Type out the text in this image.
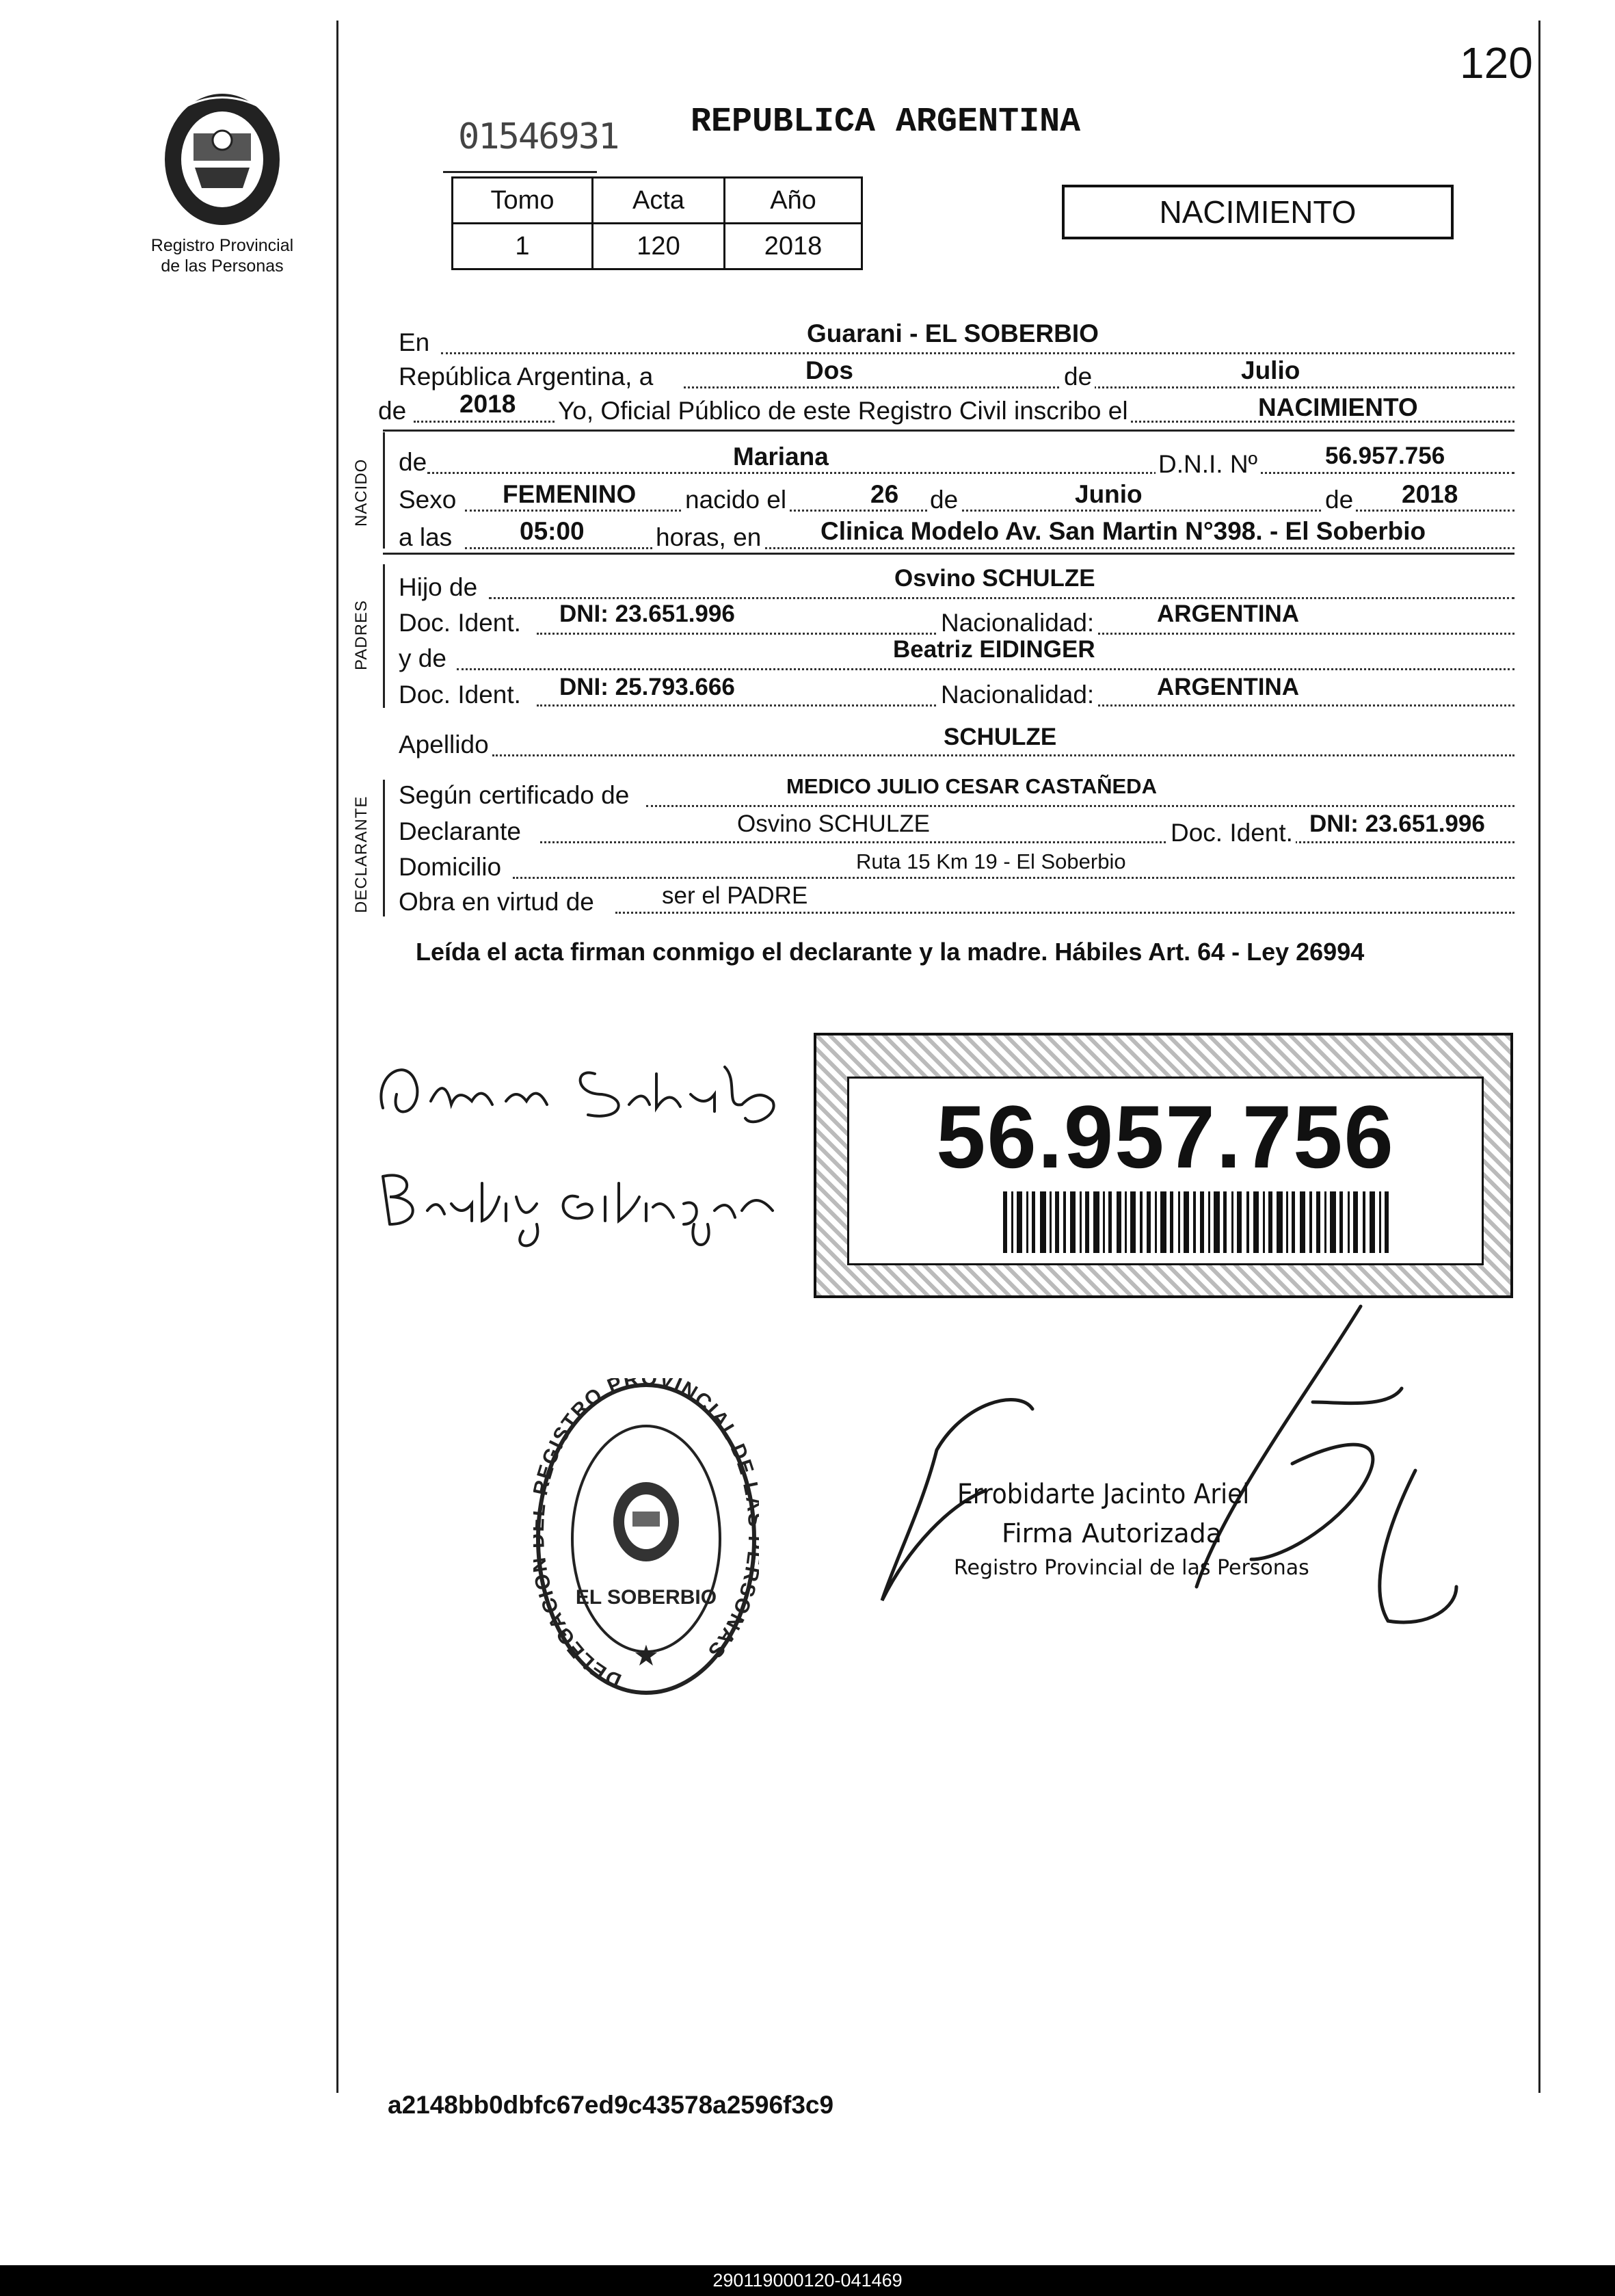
120
Registro Provincial
de las Personas
01546931 REPUBLICA ARGENTINA
Tomo	Acta	Año
1	120	2018
NACIMIENTO
En	Guarani - EL SOBERBIO
República Argentina, a	Dos	de	Julio
de 2018 Yo, Oficial Público de este Registro Civil inscribo el	NACIMIENTO
NACIDO de	Mariana	D.N.I. Nº	56.957.756
Sexo FEMENINO nacido el	26 de	Junio	de 2018
a las	05:00	horas, en Clinica Modelo Av. San Martin N°398. - El Soberbio
PADRES
Hijo de	Osvino SCHULZE
Doc. Ident. DNI: 23.651.996	Nacionalidad:	ARGENTINA
y de	Beatriz EIDINGER
Doc. Ident. DNI: 25.793.666	Nacionalidad:	ARGENTINA
Apellido	SCHULZE
DECLARANTE
Según certificado de	MEDICO JULIO CESAR CASTAÑEDA
Declarante	Osvino SCHULZE	Doc. Ident. DNI: 23.651.996
Domicilio	Ruta 15 Km 19 - El Soberbio
Obra en virtud de	ser el PADRE
Leída el acta firman conmigo el declarante y la madre. Hábiles Art. 64 - Ley 26994
56.957.756
DELEGACI EGISTRO PROVINCIAL DE SONAS
EL SOBERBIO
★
Errobidarte Jacinto Ariel
Firma Autorizada
Registro Provincial de las Personas
a2148bb0dbfc67ed9c43578a2596f3c9
290119000120-041469
